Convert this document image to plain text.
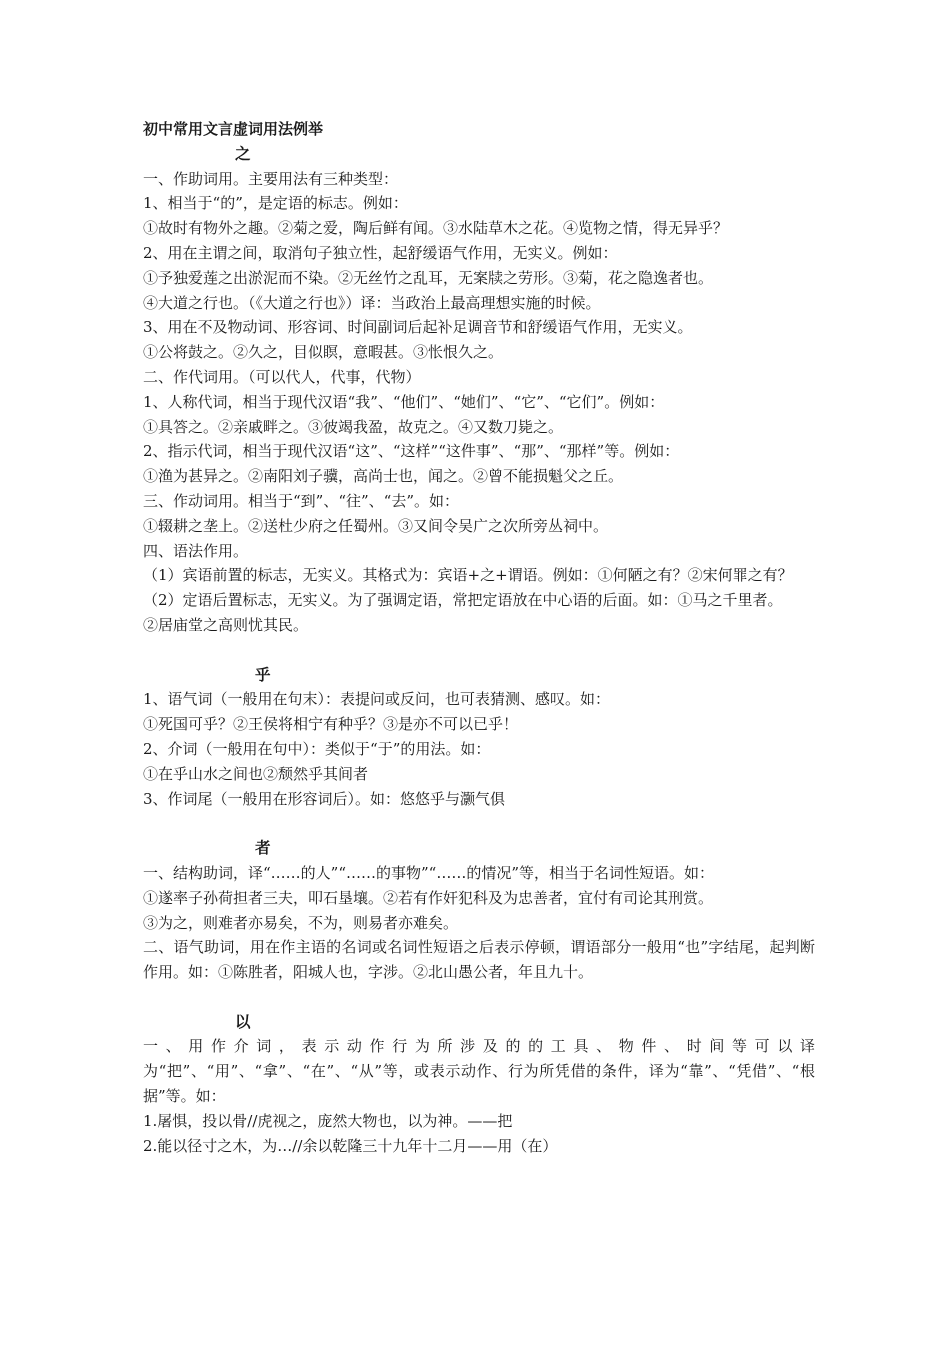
初中常用文言虚词用法例举
之
一、作助词用。主要用法有三种类型：
1、相当于“的”，是定语的标志。例如：
①故时有物外之趣。②菊之爱，陶后鲜有闻。③水陆草木之花。④览物之情，得无异乎？
2、用在主谓之间，取消句子独立性，起舒缓语气作用，无实义。例如：
①予独爱莲之出淤泥而不染。②无丝竹之乱耳，无案牍之劳形。③菊，花之隐逸者也。
④大道之行也。（《大道之行也》）译：当政治上最高理想实施的时候。
3、用在不及物动词、形容词、时间副词后起补足调音节和舒缓语气作用，无实义。
①公将鼓之。②久之，目似瞑，意暇甚。③怅恨久之。
二、作代词用。（可以代人，代事，代物）
1、人称代词，相当于现代汉语“我”、“他们”、“她们”、“它”、“它们”。例如：
①具答之。②亲戚畔之。③彼竭我盈，故克之。④又数刀毙之。
2、指示代词，相当于现代汉语“这”、“这样”“这件事”、“那”、“那样”等。例如：
①渔为甚异之。②南阳刘子骥，高尚士也，闻之。②曾不能损魁父之丘。
三、作动词用。相当于“到”、“往”、“去”。如：
①辍耕之垄上。②送杜少府之任蜀州。③又间令吴广之次所旁丛祠中。
四、语法作用。
（1）宾语前置的标志，无实义。其格式为：宾语+之+谓语。例如：①何陋之有？②宋何罪之有？
（2）定语后置标志，无实义。为了强调定语，常把定语放在中心语的后面。如：①马之千里者。
②居庙堂之高则忧其民。
乎
1、语气词（一般用在句末）：表提问或反问，也可表猜测、感叹。如：
①死国可乎？②王侯将相宁有种乎？③是亦不可以已乎！
2、介词（一般用在句中）：类似于“于”的用法。如：
①在乎山水之间也②颓然乎其间者
3、作词尾（一般用在形容词后）。如：悠悠乎与灏气俱
者
一、结构助词，译“……的人”“……的事物”“……的情况”等，相当于名词性短语。如：
①遂率子孙荷担者三夫，叩石垦壤。②若有作奸犯科及为忠善者，宜付有司论其刑赏。
③为之，则难者亦易矣，不为，则易者亦难矣。
二、语气助词，用在作主语的名词或名词性短语之后表示停顿，谓语部分一般用“也”字结尾，起判断作用。如：①陈胜者，阳城人也，字涉。②北山愚公者，年且九十。
以
一、用作介词，表示动作行为所涉及的的工具、物件、时间等可以译为“把”、“用”、“拿”、“在”、“从”等，或表示动作、行为所凭借的条件，译为“靠”、“凭借”、“根据”等。如：
1.屠惧，投以骨//虎视之，庞然大物也，以为神。——把
2.能以径寸之木，为…//余以乾隆三十九年十二月——用（在）
